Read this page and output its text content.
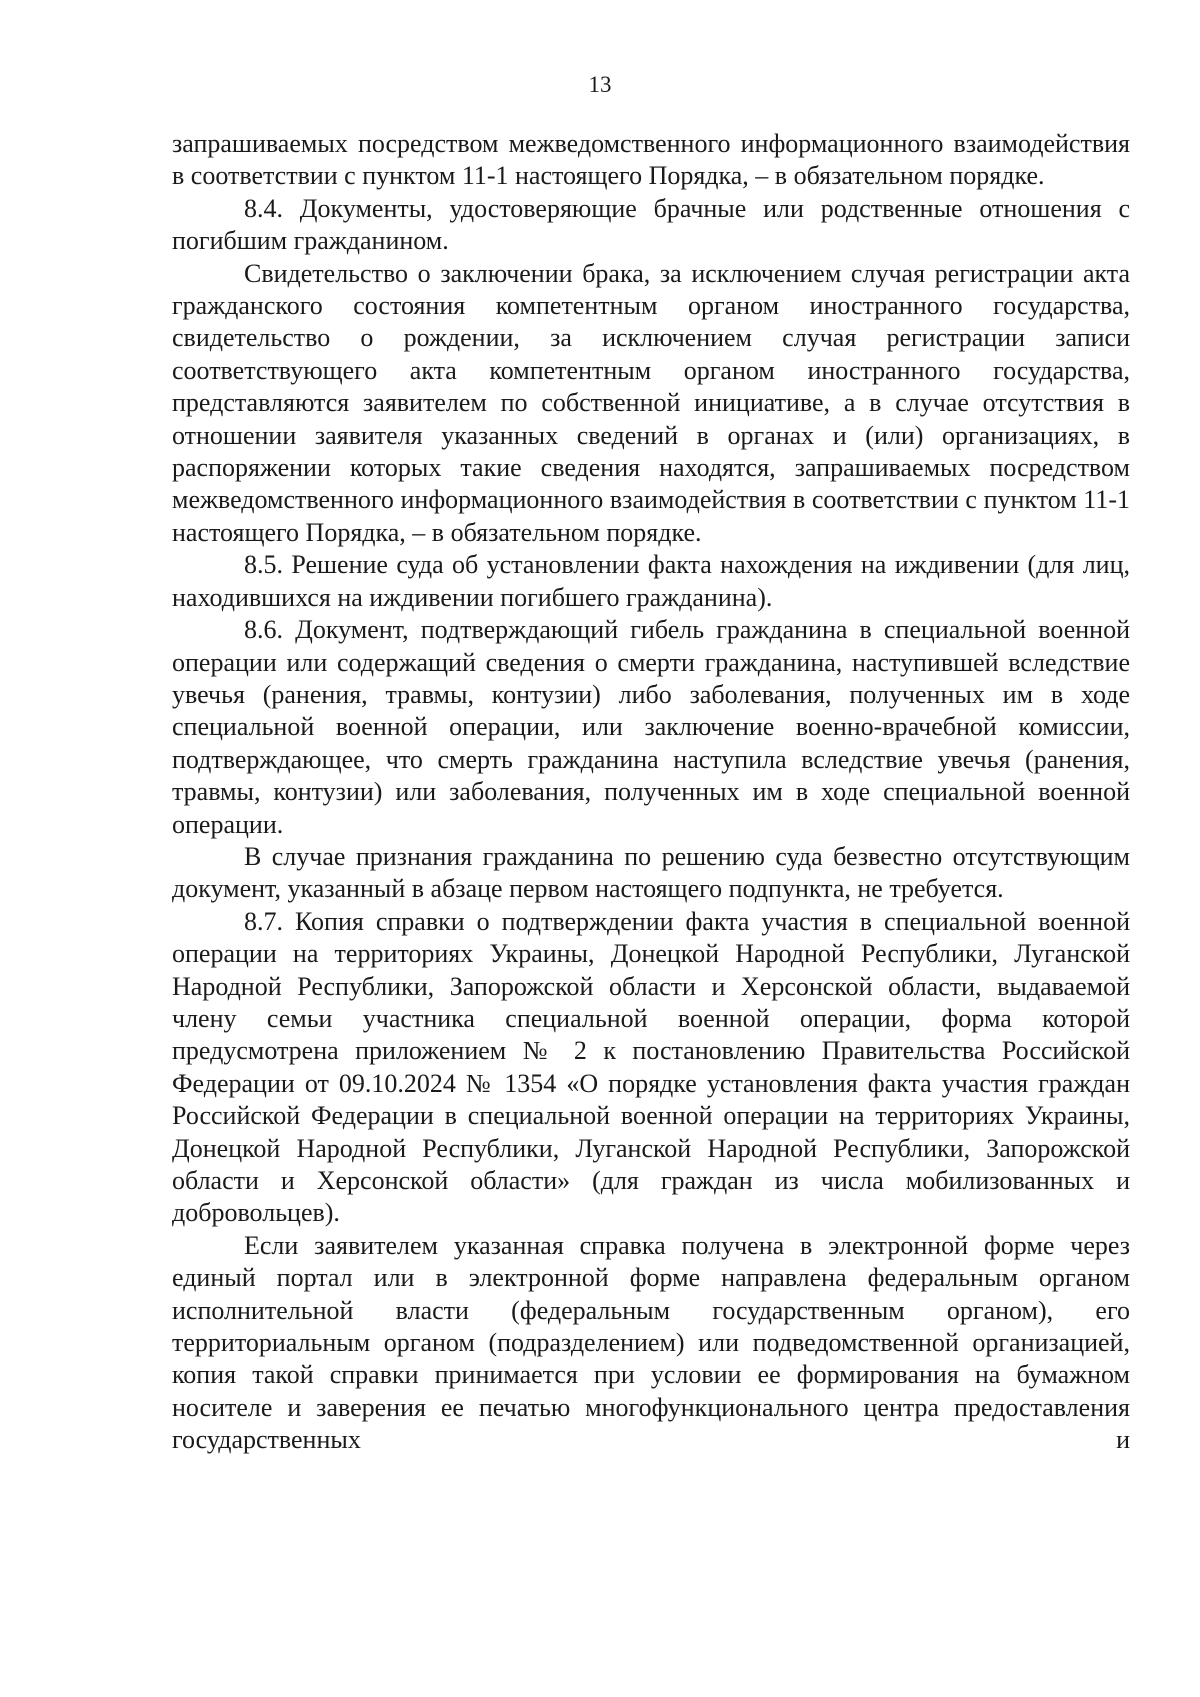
13

запрашиваемых посредством межведомственного информационного взаимодействия в соответствии с пунктом 11-1 настоящего Порядка, – в обязательном порядке.

8.4. Документы, удостоверяющие брачные или родственные отношения с погибшим гражданином.

Свидетельство о заключении брака, за исключением случая регистрации акта гражданского состояния компетентным органом иностранного государства, свидетельство о рождении, за исключением случая регистрации записи соответствующего акта компетентным органом иностранного государства, представляются заявителем по собственной инициативе, а в случае отсутствия в отношении заявителя указанных сведений в органах и (или) организациях, в распоряжении которых такие сведения находятся, запрашиваемых посредством межведомственного информационного взаимодействия в соответствии с пунктом 11-1 настоящего Порядка, – в обязательном порядке.

8.5. Решение суда об установлении факта нахождения на иждивении (для лиц, находившихся на иждивении погибшего гражданина).

8.6. Документ, подтверждающий гибель гражданина в специальной военной операции или содержащий сведения о смерти гражданина, наступившей вследствие увечья (ранения, травмы, контузии) либо заболевания, полученных им в ходе специальной военной операции, или заключение военно-врачебной комиссии, подтверждающее, что смерть гражданина наступила вследствие увечья (ранения, травмы, контузии) или заболевания, полученных им в ходе специальной военной операции.

В случае признания гражданина по решению суда безвестно отсутствующим документ, указанный в абзаце первом настоящего подпункта, не требуется.

8.7. Копия справки о подтверждении факта участия в специальной военной операции на территориях Украины, Донецкой Народной Республики, Луганской Народной Республики, Запорожской области и Херсонской области, выдаваемой члену семьи участника специальной военной операции, форма которой предусмотрена приложением № 2 к постановлению Правительства Российской Федерации от 09.10.2024 № 1354 «О порядке установления факта участия граждан Российской Федерации в специальной военной операции на территориях Украины, Донецкой Народной Республики, Луганской Народной Республики, Запорожской области и Херсонской области» (для граждан из числа мобилизованных и добровольцев).

Если заявителем указанная справка получена в электронной форме через единый портал или в электронной форме направлена федеральным органом исполнительной власти (федеральным государственным органом), его территориальным органом (подразделением) или подведомственной организацией, копия такой справки принимается при условии ее формирования на бумажном носителе и заверения ее печатью многофункционального центра предоставления государственных и
